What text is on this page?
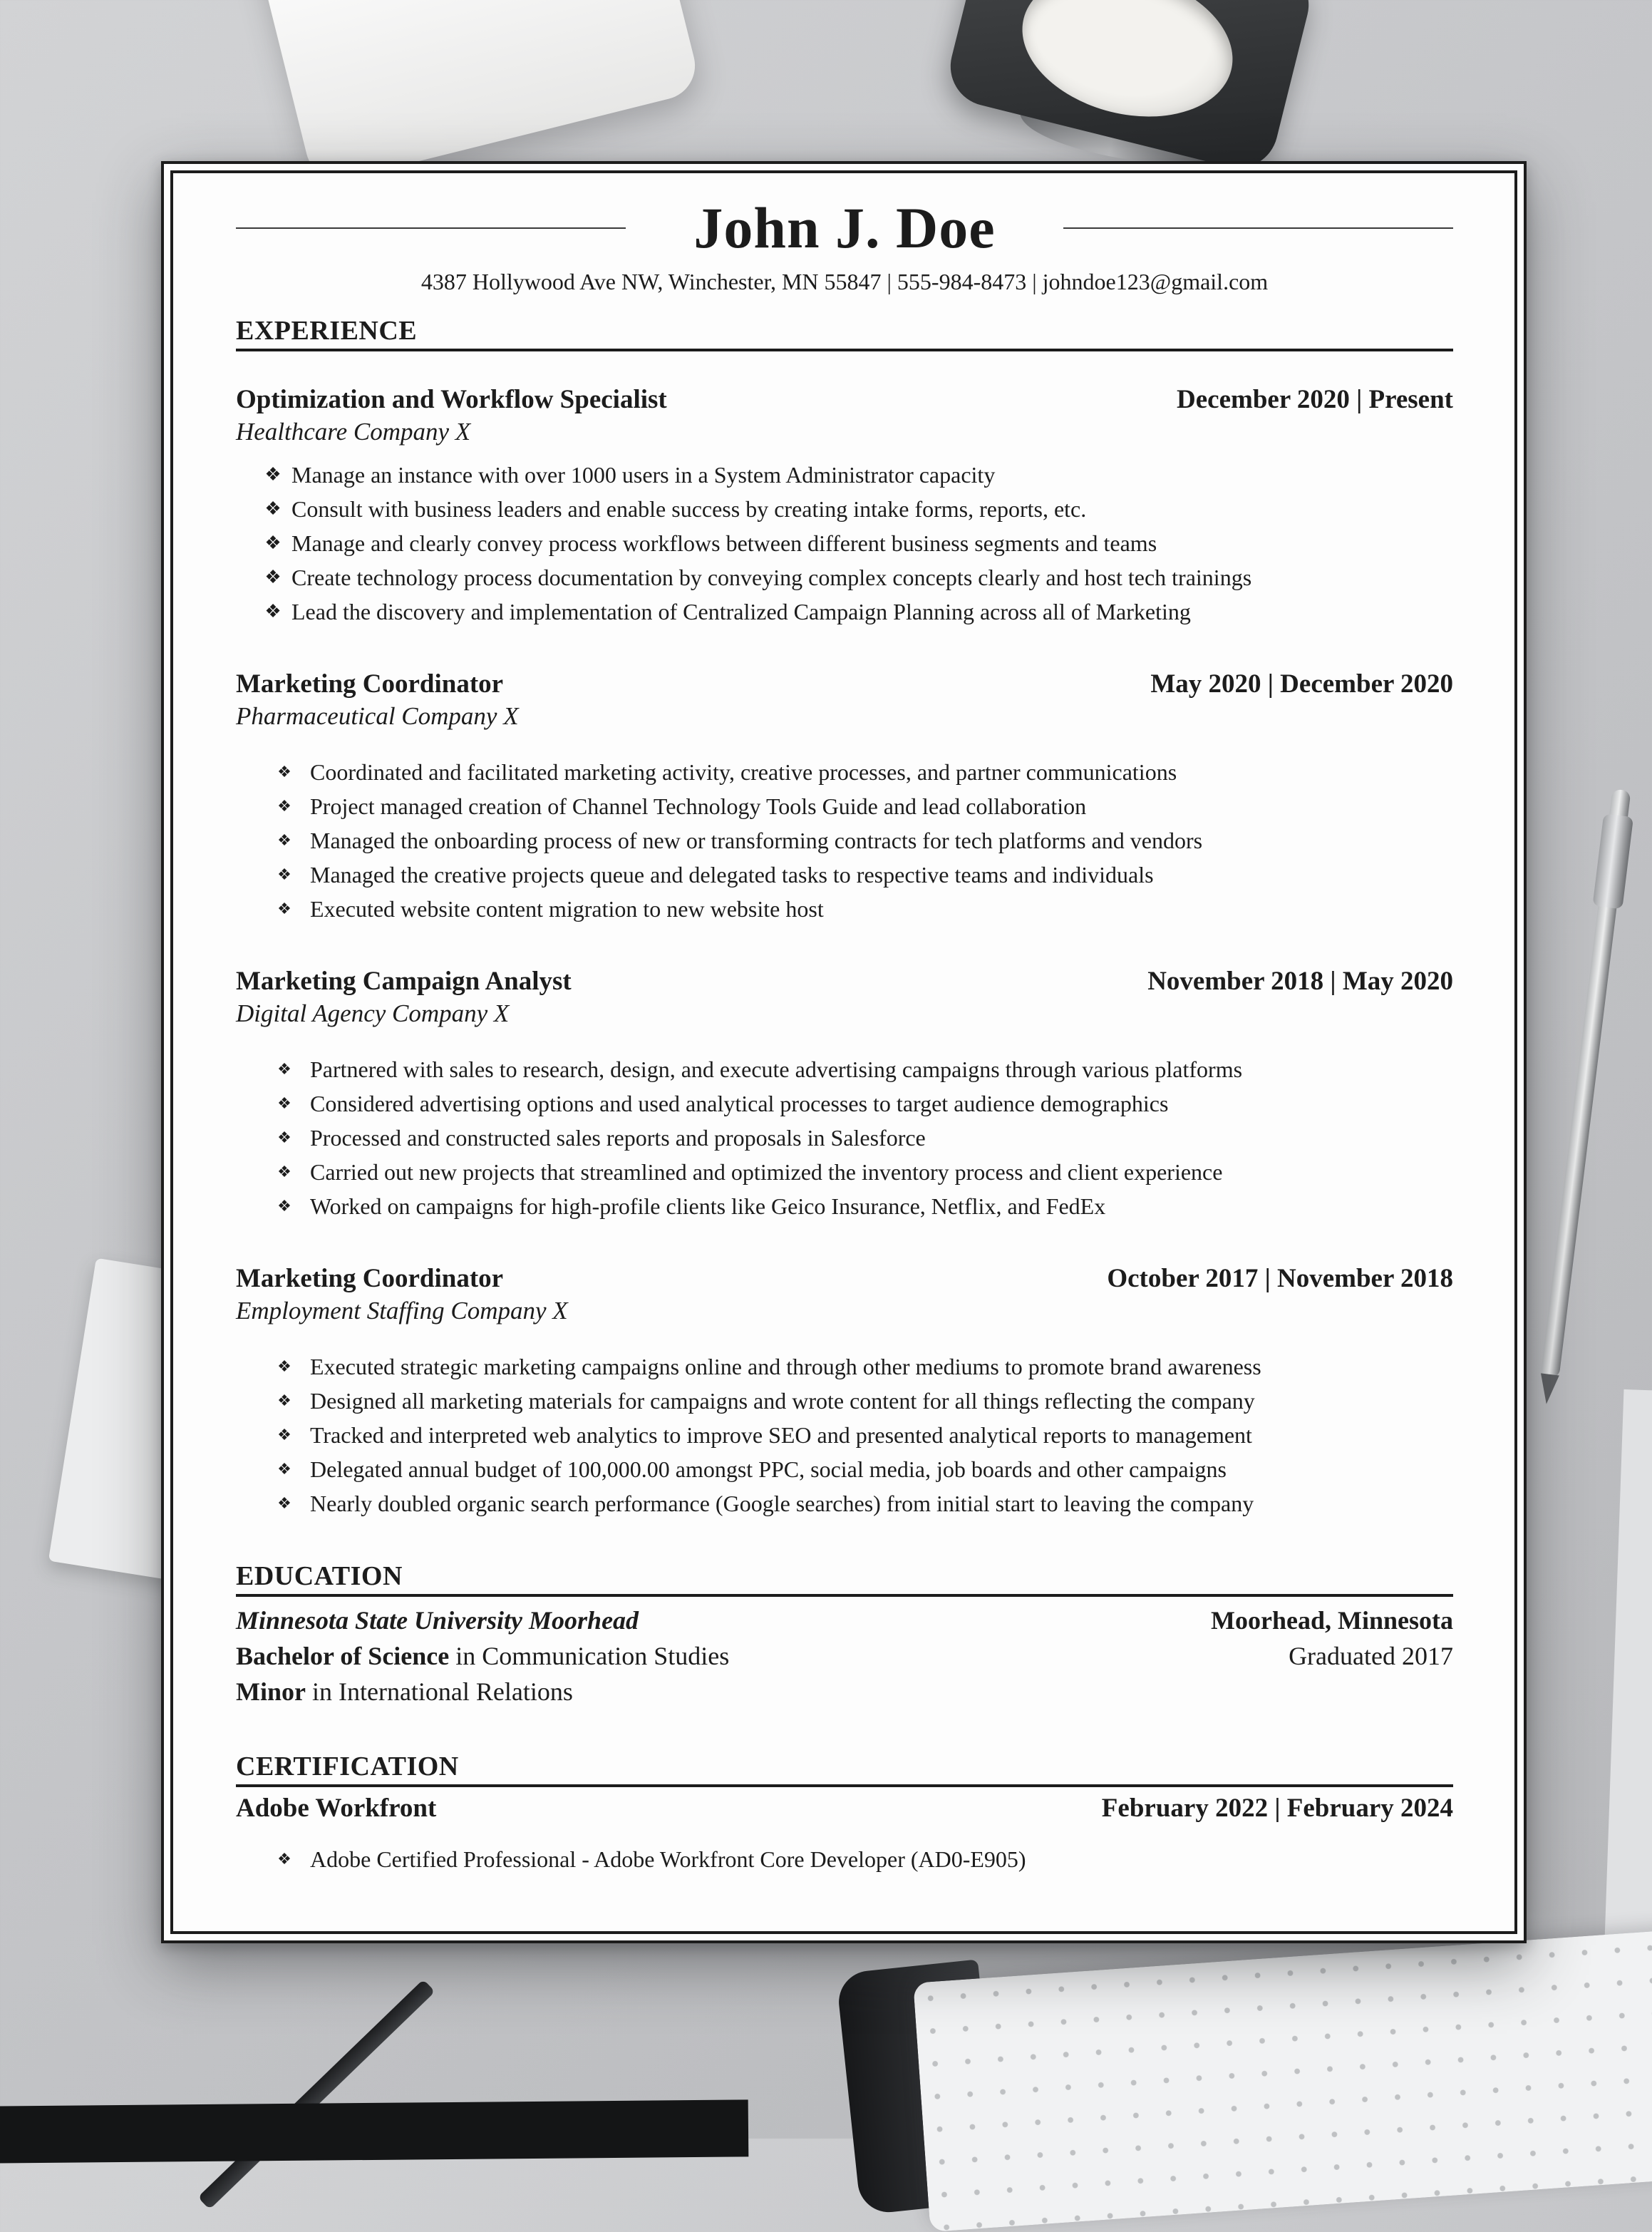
John J. Doe
4387 Hollywood Ave NW, Winchester, MN 55847 | 555-984-8473 | johndoe123@gmail.com
EXPERIENCE
Optimization and Workflow Specialist	December 2020 | Present
Healthcare Company X
❖ Manage an instance with over 1000 users in a System Administrator capacity
❖ Consult with business leaders and enable success by creating intake forms, reports, etc.
❖ Manage and clearly convey process workflows between different business segments and teams
❖ Create technology process documentation by conveying complex concepts clearly and host tech trainings
❖ Lead the discovery and implementation of Centralized Campaign Planning across all of Marketing
Marketing Coordinator	May 2020 | December 2020
Pharmaceutical Company X
❖ Coordinated and facilitated marketing activity, creative processes, and partner communications
❖ Project managed creation of Channel Technology Tools Guide and lead collaboration
❖ Managed the onboarding process of new or transforming contracts for tech platforms and vendors
❖ Managed the creative projects queue and delegated tasks to respective teams and individuals
❖ Executed website content migration to new website host
Marketing Campaign Analyst	November 2018 | May 2020
Digital Agency Company X
❖ Partnered with sales to research, design, and execute advertising campaigns through various platforms
❖ Considered advertising options and used analytical processes to target audience demographics
❖ Processed and constructed sales reports and proposals in Salesforce
❖ Carried out new projects that streamlined and optimized the inventory process and client experience
❖ Worked on campaigns for high-profile clients like Geico Insurance, Netflix, and FedEx
Marketing Coordinator	October 2017 | November 2018
Employment Staffing Company X
❖ Executed strategic marketing campaigns online and through other mediums to promote brand awareness
❖ Designed all marketing materials for campaigns and wrote content for all things reflecting the company
❖ Tracked and interpreted web analytics to improve SEO and presented analytical reports to management
❖ Delegated annual budget of 100,000.00 amongst PPC, social media, job boards and other campaigns
❖ Nearly doubled organic search performance (Google searches) from initial start to leaving the company
EDUCATION
Minnesota State University Moorhead	Moorhead, Minnesota
Bachelor of Science in Communication Studies	Graduated 2017
Minor in International Relations
CERTIFICATION
Adobe Workfront	February 2022 | February 2024
❖ Adobe Certified Professional - Adobe Workfront Core Developer (AD0-E905)
